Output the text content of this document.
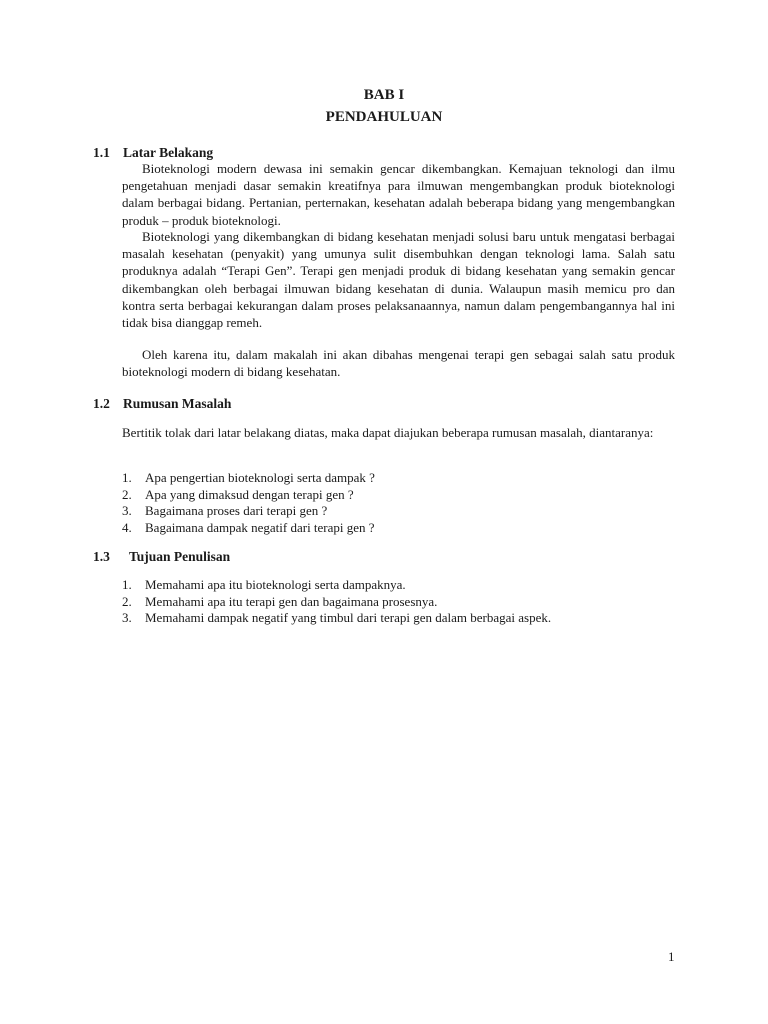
BAB I
PENDAHULUAN
1.1 Latar Belakang

Bioteknologi modern dewasa ini semakin gencar dikembangkan. Kemajuan teknologi dan ilmu pengetahuan menjadi dasar semakin kreatifnya para ilmuwan mengembangkan produk bioteknologi dalam berbagai bidang. Pertanian, perternakan, kesehatan adalah beberapa bidang yang mengembangkan produk – produk bioteknologi.

Bioteknologi yang dikembangkan di bidang kesehatan menjadi solusi baru untuk mengatasi berbagai masalah kesehatan (penyakit) yang umunya sulit disembuhkan dengan teknologi lama. Salah satu produknya adalah “Terapi Gen”. Terapi gen menjadi produk di bidang kesehatan yang semakin gencar dikembangkan oleh berbagai ilmuwan bidang kesehatan di dunia. Walaupun masih memicu pro dan kontra serta berbagai kekurangan dalam proses pelaksanaannya, namun dalam pengembangannya hal ini tidak bisa dianggap remeh.

Oleh karena itu, dalam makalah ini akan dibahas mengenai terapi gen sebagai salah satu produk bioteknologi modern di bidang kesehatan.

1.2 Rumusan Masalah

Bertitik tolak dari latar belakang diatas, maka dapat diajukan beberapa rumusan masalah, diantaranya:

1.	Apa pengertian bioteknologi serta dampak ?
2.	Apa yang dimaksud dengan terapi gen ?
3.	Bagaimana proses dari terapi gen ?
4.	Bagaimana dampak negatif dari terapi gen ?
1.3 Tujuan Penulisan
1.	Memahami apa itu bioteknologi serta dampaknya.
2.	Memahami apa itu terapi gen dan bagaimana prosesnya.
3.	Memahami dampak negatif yang timbul dari terapi gen dalam berbagai aspek.
1
